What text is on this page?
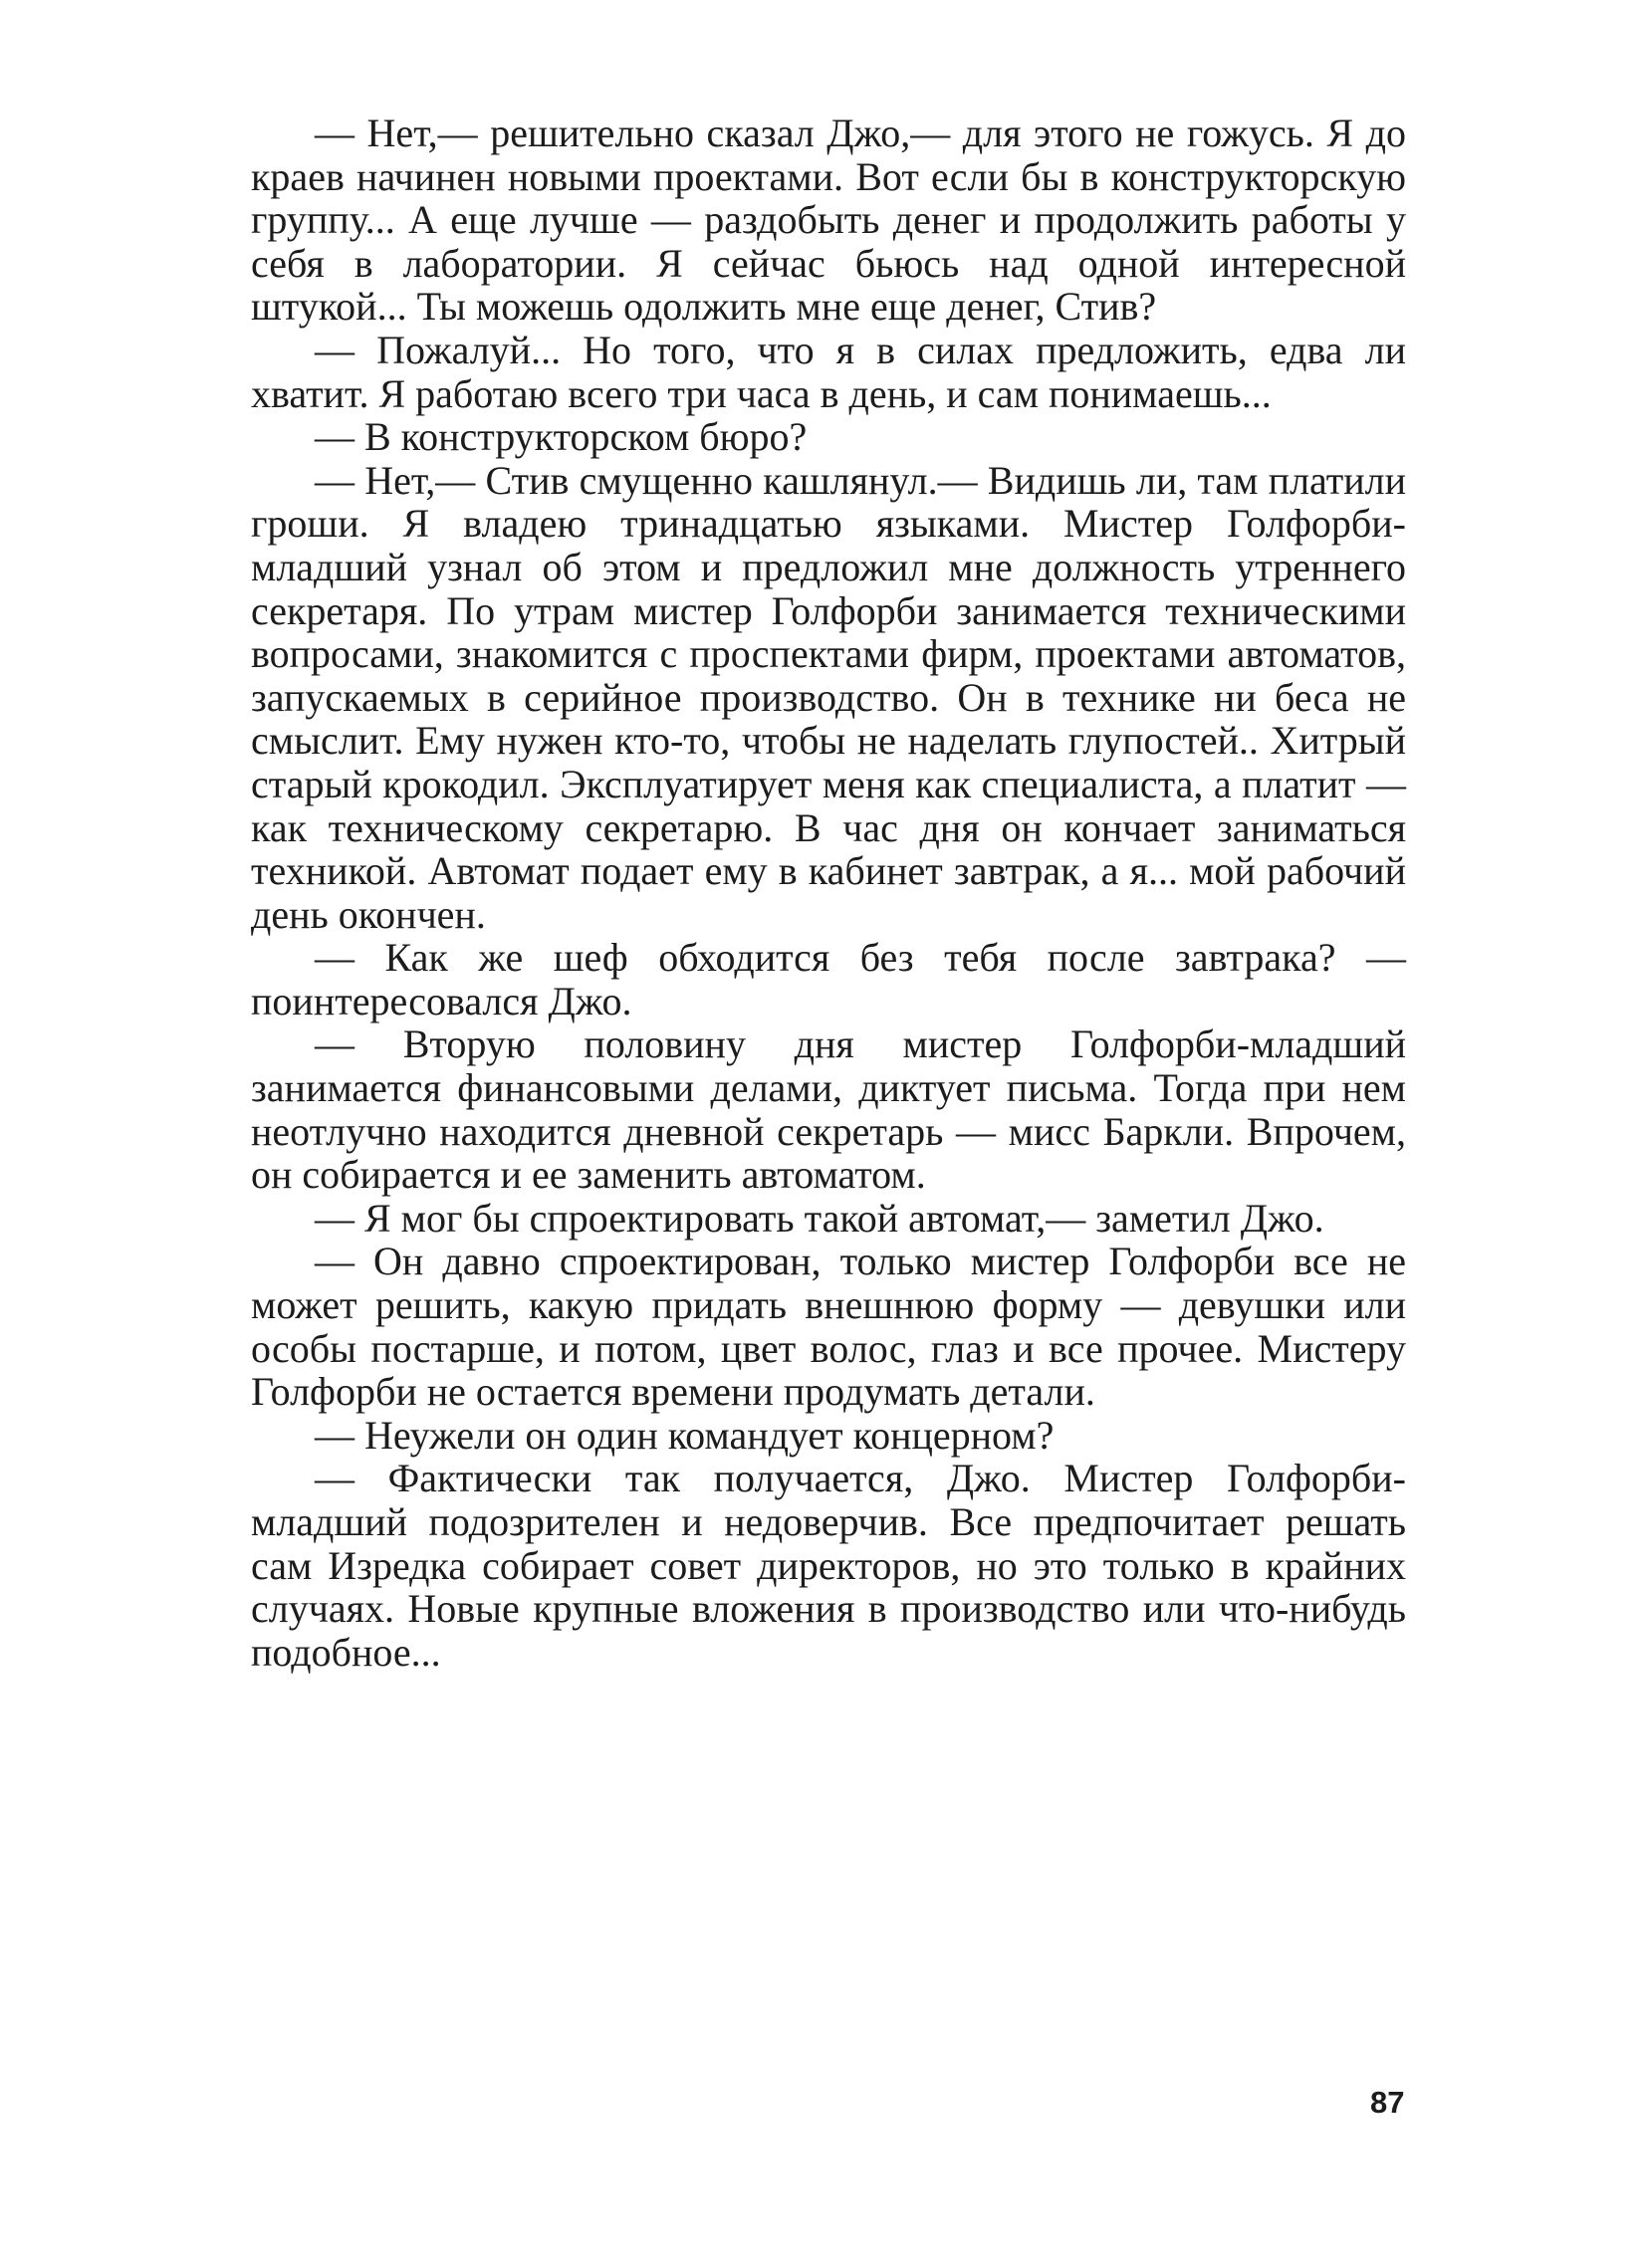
— Нет,— решительно сказал Джо,— для этого не гожусь. Я до краев начинен новыми проектами. Вот если бы в конструкторскую группу... А еще лучше — раздобыть денег и продолжить работы у себя в лаборатории. Я сейчас бьюсь над одной интересной штукой... Ты можешь одолжить мне еще денег, Стив?

— Пожалуй... Но того, что я в силах предложить, едва ли хватит. Я работаю всего три часа в день, и сам понимаешь...

— В конструкторском бюро?

— Нет,— Стив смущенно кашлянул.— Видишь ли, там платили гроши. Я владею тринадцатью языками. Мистер Голфорби-младший узнал об этом и предложил мне должность утреннего секретаря. По утрам мистер Голфорби занимается техническими вопросами, знакомится с проспектами фирм, проектами автоматов, запускаемых в серийное производство. Он в технике ни беса не смыслит. Ему нужен кто-то, чтобы не наделать глупостей.. Хитрый старый крокодил. Эксплуатирует меня как специалиста, а платит — как техническому секретарю. В час дня он кончает заниматься техникой. Автомат подает ему в кабинет завтрак, а я... мой рабочий день окончен.

— Как же шеф обходится без тебя после завтрака? — поинтересовался Джо.

— Вторую половину дня мистер Голфорби-младший занимается финансовыми делами, диктует письма. Тогда при нем неотлучно находится дневной секретарь — мисс Баркли. Впрочем, он собирается и ее заменить автоматом.

— Я мог бы спроектировать такой автомат,— заметил Джо.

— Он давно спроектирован, только мистер Голфорби все не может решить, какую придать внешнюю форму — девушки или особы постарше, и потом, цвет волос, глаз и все прочее. Мистеру Голфорби не остается времени продумать детали.

— Неужели он один командует концерном?

— Фактически так получается, Джо. Мистер Голфорби-младший подозрителен и недоверчив. Все предпочитает решать сам Изредка собирает совет директоров, но это только в крайних случаях. Новые крупные вложения в производство или что-нибудь подобное...

87
